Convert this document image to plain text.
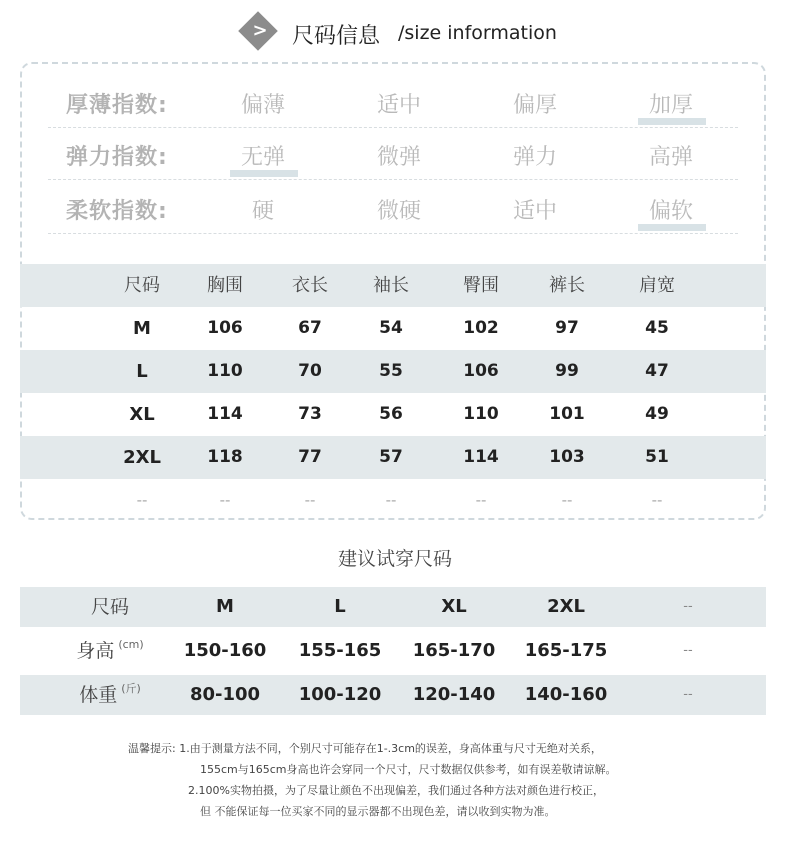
> 尺码信息 /size information
厚薄指数:	偏薄	适中	偏厚	加厚
弹力指数:	无弹	微弹	弹力	高弹
柔软指数:	硬	微硬	适中	偏软
尺码	胸围	衣长	袖长	臀围	裤长	肩宽
M	106	67	54	102	97	45
L	110	70	55	106	99	47
XL	114	73	56	110	101	49
2XL	118	77	57	114	103	51
--	--	--	--	--	--	--
建议试穿尺码
尺码	M	L	XL	2XL	--
身高 $^{(cm)}$	150-160	155-165	165-170	165-175	--
体重 $^{(斤)}$	80-100	100-120	120-140	140-160	--
温馨提示: 1.由于测量方法不同，个别尺寸可能存在1-.3cm的误差，身高体重与尺寸无绝对关系，
155cm与165cm身高也许会穿同一个尺寸，尺寸数据仅供参考，如有误差敬请谅解。
2.100%实物拍摄，为了尽量让颜色不出现偏差，我们通过各种方法对颜色进行校正，
但 不能保证每一位买家不同的显示器都不出现色差，请以收到实物为准。
